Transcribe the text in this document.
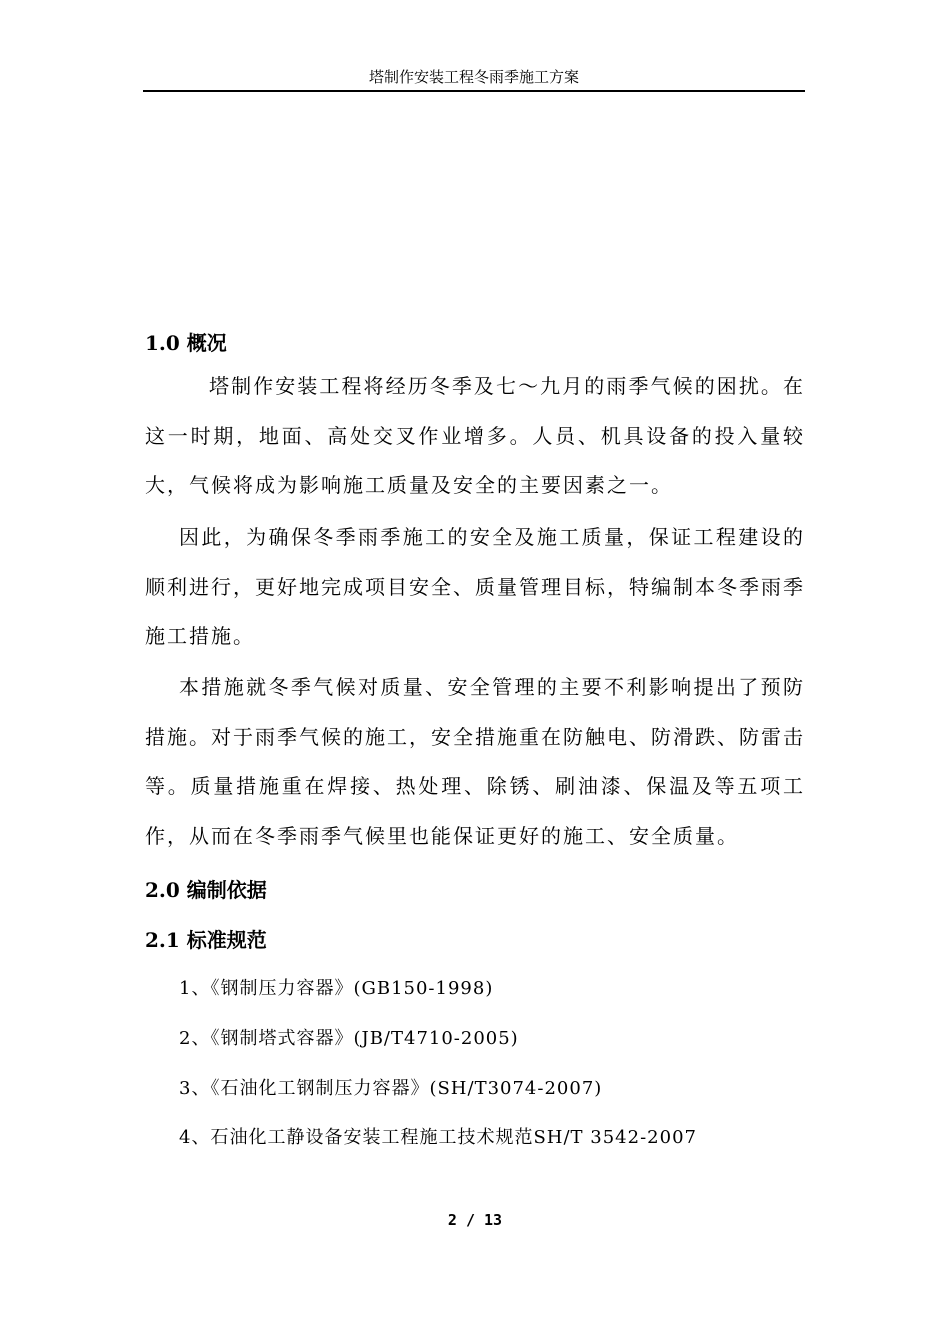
塔制作安装工程冬雨季施工方案
1.0 概况
塔制作安装工程将经历冬季及七～九月的雨季气候的困扰。在这一时期，地面、高处交叉作业增多。人员、机具设备的投入量较大，气候将成为影响施工质量及安全的主要因素之一。
因此，为确保冬季雨季施工的安全及施工质量，保证工程建设的顺利进行，更好地完成项目安全、质量管理目标，特编制本冬季雨季施工措施。
本措施就冬季气候对质量、安全管理的主要不利影响提出了预防措施。对于雨季气候的施工，安全措施重在防触电、防滑跌、防雷击等。质量措施重在焊接、热处理、除锈、刷油漆、保温及等五项工作，从而在冬季雨季气候里也能保证更好的施工、安全质量。
2.0 编制依据
2.1 标准规范
1、《钢制压力容器》(GB150-1998)
2、《钢制塔式容器》(JB/T4710-2005)
3、《石油化工钢制压力容器》(SH/T3074-2007)
4、石油化工静设备安装工程施工技术规范SH/T 3542-2007
2 / 13
